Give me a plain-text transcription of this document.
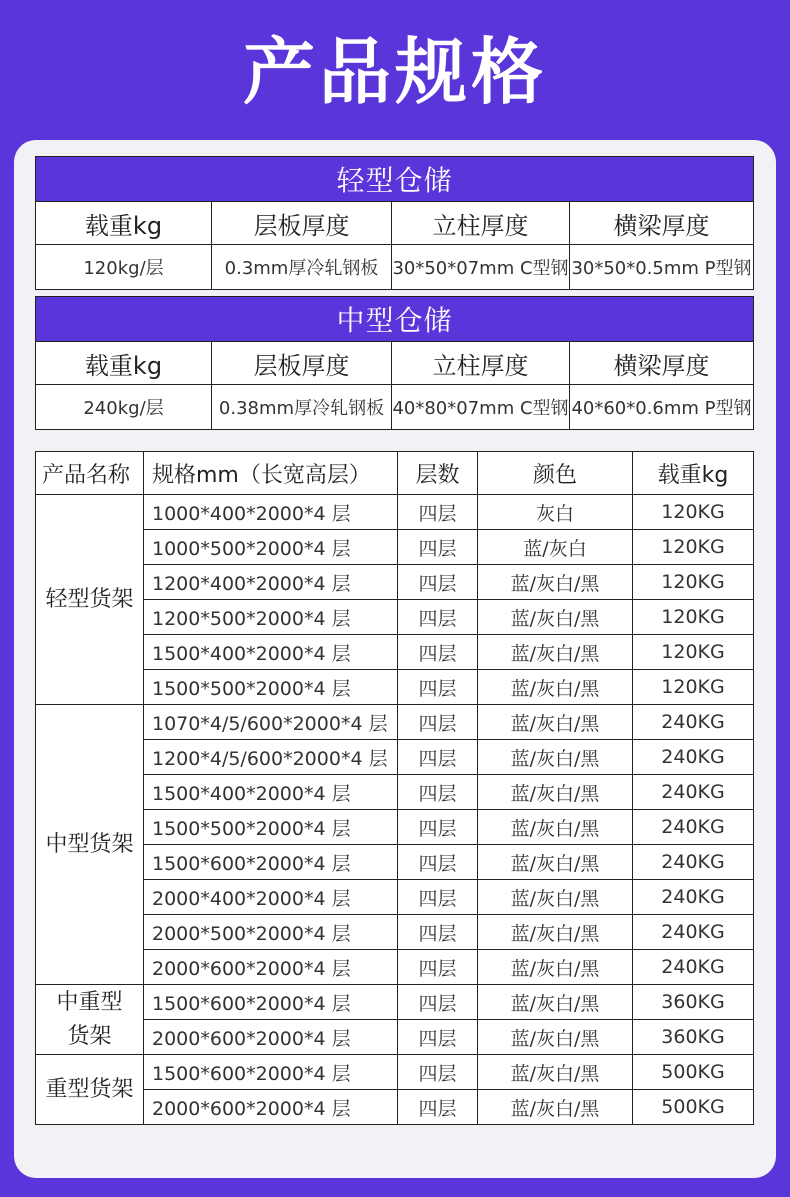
产品规格
轻型仓储			
载重kg	层板厚度	立柱厚度	横梁厚度
120kg/层	0.3mm厚冷轧钢板	30*50*07mm C型钢	30*50*0.5mm P型钢
中型仓储			
载重kg	层板厚度	立柱厚度	横梁厚度
240kg/层	0.38mm厚冷轧钢板	40*80*07mm C型钢	40*60*0.6mm P型钢
产品名称	规格mm（长宽高层）	层数	颜色	载重kg
轻型货架	1000*400*2000*4 层	四层	灰白	120KG
	1000*500*2000*4 层	四层	蓝/灰白	120KG
	1200*400*2000*4 层	四层	蓝/灰白/黑	120KG
	1200*500*2000*4 层	四层	蓝/灰白/黑	120KG
	1500*400*2000*4 层	四层	蓝/灰白/黑	120KG
	1500*500*2000*4 层	四层	蓝/灰白/黑	120KG
中型货架	1070*4/5/600*2000*4 层	四层	蓝/灰白/黑	240KG
	1200*4/5/600*2000*4 层	四层	蓝/灰白/黑	240KG
	1500*400*2000*4 层	四层	蓝/灰白/黑	240KG
	1500*500*2000*4 层	四层	蓝/灰白/黑	240KG
	1500*600*2000*4 层	四层	蓝/灰白/黑	240KG
	2000*400*2000*4 层	四层	蓝/灰白/黑	240KG
	2000*500*2000*4 层	四层	蓝/灰白/黑	240KG
	2000*600*2000*4 层	四层	蓝/灰白/黑	240KG
中重型
货架	1500*600*2000*4 层	四层	蓝/灰白/黑	360KG
	2000*600*2000*4 层	四层	蓝/灰白/黑	360KG
重型货架	1500*600*2000*4 层	四层	蓝/灰白/黑	500KG
	2000*600*2000*4 层	四层	蓝/灰白/黑	500KG
